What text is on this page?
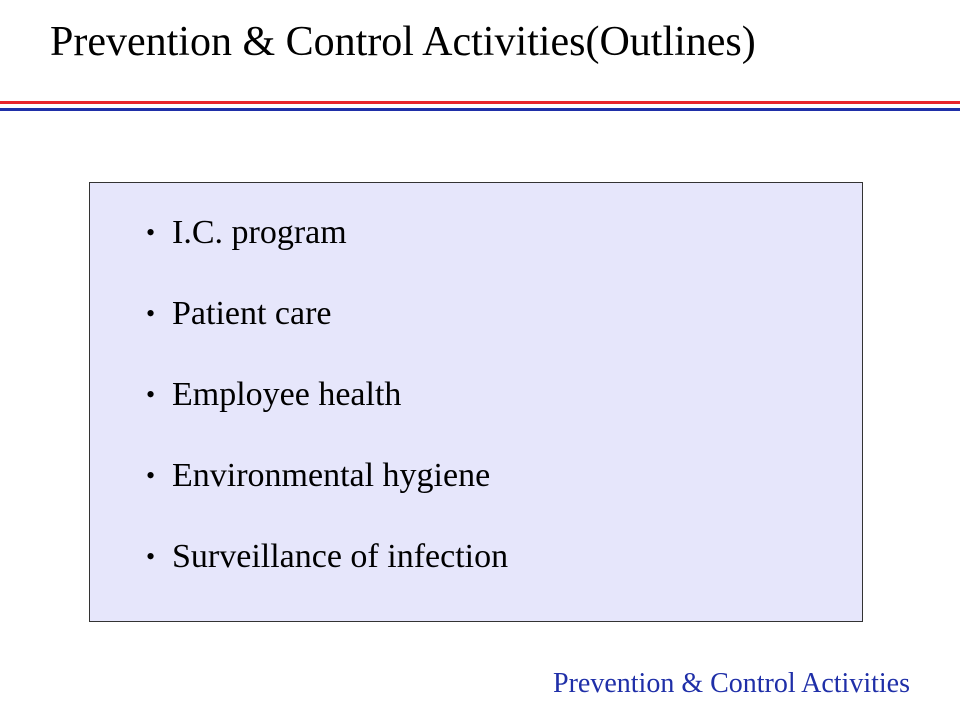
Prevention & Control Activities(Outlines)
• I.C. program
• Patient care
• Employee health
• Environmental hygiene
• Surveillance of infection
Prevention & Control Activities
